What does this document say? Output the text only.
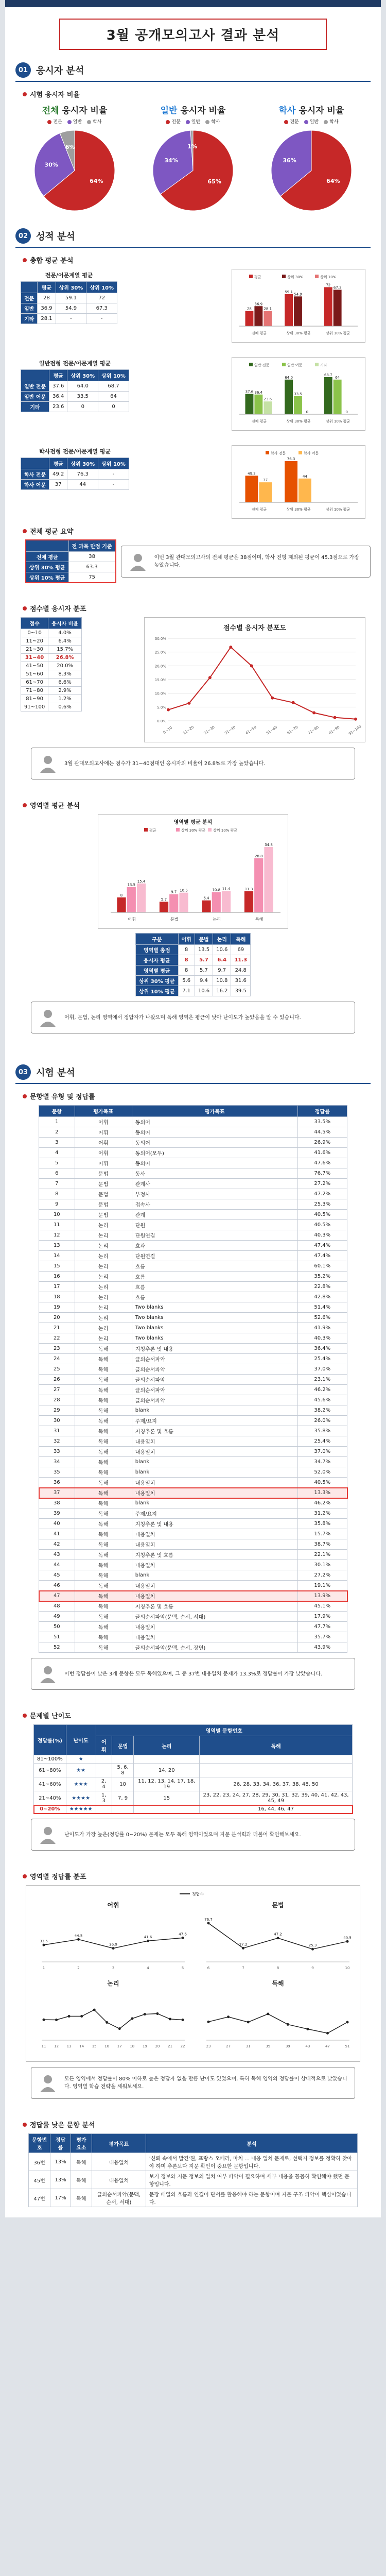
3월 공개모의고사 결과 분석
01 응시자 분석
시험 응시자 비율
전체 응시자 비율
전문	일반	학사
64%
30%
6%
일반 응시자 비율
전문	일반	학사
65%
34%
1%
학사 응시자 비율
전문	일반	학사
64%
36%
02 성적 분석
총합 평균 분석
전문/어문계열 평균
	평균	상위 30%	상위 10%
전문	28	59.1	72
일반	36.9	54.9	67.3
기타	28.1	-	-
평균	상위 30%	상위 10%
28
36.9
28.1
전체 평균
59.1
54.9
상위 30% 평균
72
67.3
상위 10% 평균
일반전형 전문/어문계열 평균
	평균	상위 30%	상위 10%
일반 전문	37.6	64.0	68.7
일반 어문	36.4	33.5	64
기타	23.6	0	0
일반 전문	일반 어문	기타
37.6 36.4
23.6
전체 평균
64.0
33.5
0
상위 30% 평균
68.7
64
0
상위 10% 평균
학사전형 전문/어문계열 평균
	평균	상위 30%	상위 10%
학사 전문	49.2	76.3	-
학사 어문	37	44	-
학사 전문	학사 어문
49.2
37
전체 평균
76.3
44
상위 30% 평균	상위 10% 평균
전체 평균 요약
	전 과목 만점 기준
전체 평균	38
상위 30% 평균	63.3
상위 10% 평균	75
이번 3월 관대모의고사의 전체 평균은 38점이며, 학사 전형 제외된 평균이 45.3점으로 가장 높았습니다.
점수별 응시자 분포
점수	응시자 비율
0~10	4.0%
11~20	6.4%
21~30	15.7%
31~40	26.8%
41~50	20.0%
51~60	8.3%
61~70	6.6%
71~80	2.9%
81~90	1.2%
91~100	0.6%
점수별 응시자 분포도
0.0%
5.0%
10.0%
15.0%
20.0%
25.0%
30.0%
0~10	11~20 21~30 31~40 41~50 51~60 61~70 71~80 81~90 91~100
3월 관대모의고사에는 점수가 31~40점대인 응시자의 비율이 26.8%로 가장 높았습니다.
영역별 평균 분석
영역별 평균 분석
평균	상위 30% 평균 상위 10% 평균
8
13.5
15.4
어휘
5.7
9.7 10.5
문법
6.4
10.8 11.4
논리
11.3
28.8
34.8
독해
구분	어휘	문법	논리	독해
영역별 총점	8	13.5	10.6	69
응시자 평균	8	5.7	6.4	11.3
영역별 평균	8	5.7	9.7	24.8
상위 30% 평균	5.6	9.4	10.8	31.6
상위 10% 평균	7.1	10.6	16.2	39.5
어휘, 문법, 논리 영역에서 정답자가 나왔으며 독해 영역은 평균이 낮아 난이도가 높았음을 알 수 있습니다.
03 시험 분석
문항별 유형 및 정답률
문항	평가목표	평가목표	정답률
1	어휘	동의어	33.5%
2	어휘	동의어	44.5%
3	어휘	동의어	26.9%
4	어휘	동의어(모두)	41.6%
5	어휘	동의어	47.6%
6	문법	동사	76.7%
7	문법	관계사	27.2%
8	문법	부정사	47.2%
9	문법	접속사	25.3%
10	문법	관계	40.5%
11	논리	단원	40.5%
12	논리	단원연결	40.3%
13	논리	효과	47.4%
14	논리	단원연결	47.4%
15	논리	흐름	60.1%
16	논리	흐름	35.2%
17	논리	흐름	22.8%
18	논리	흐름	42.8%
19	논리	Two blanks	51.4%
20	논리	Two blanks	52.6%
21	논리	Two blanks	41.9%
22	논리	Two blanks	40.3%
23	독해	지칭추론 및 내용	36.4%
24	독해	글의순서파악	25.4%
25	독해	글의순서파악	37.0%
26	독해	글의순서파악	23.1%
27	독해	글의순서파악	46.2%
28	독해	글의순서파악	45.6%
29	독해	blank	38.2%
30	독해	주제/요지	26.0%
31	독해	지칭추론 및 흐름	35.8%
32	독해	내용일치	25.4%
33	독해	내용일치	37.0%
34	독해	blank	34.7%
35	독해	blank	52.0%
36	독해	내용일치	40.5%
37	독해	내용일치	13.3%
38	독해	blank	46.2%
39	독해	주제/요지	31.2%
40	독해	지칭추론 및 내용	35.8%
41	독해	내용일치	15.7%
42	독해	내용일치	38.7%
43	독해	지칭추론 및 흐름	22.1%
44	독해	내용일치	30.1%
45	독해	blank	27.2%
46	독해	내용일치	19.1%
47	독해	내용일치	13.9%
48	독해	지칭추론 및 흐름	45.1%
49	독해	글의순서파악(문맥, 순서, 서대)	17.9%
50	독해	내용일치	47.7%
51	독해	내용일치	35.7%
52	독해	글의순서파악(문맥, 순서, 장면)	43.9%
이번 정답률이 낮은 3개 문항은 모두 독해였으며, 그 중 37번 내용일치 문제가 13.3%로 정답률이 가장 낮았습니다.
문제별 난이도
정답률(%)	난이도	영역별 문항번호			
		어휘	문법	논리	독해
81~100%	★				
61~80%	★★		5, 6, 8	14, 20	
41~60%	★★★	2, 4	10	11, 12, 13, 14, 17, 18, 19	26, 28, 33, 34, 36, 37, 38, 48, 50
21~40%	★★★★	1, 3	7, 9	15	23, 22, 23, 24, 27, 28, 29, 30, 31, 32, 39, 40, 41, 42, 43, 45, 49
0~20%	★★★★★				16, 44, 46, 47
난이도가 가장 높은(정답률 0~20%) 문제는 모두 독해 영역이었으며 지문 분석력과 더불어 확인해보세요.
영역별 정답률 분포
정답수
어휘
33.5
1
44.5
2
26.9
3
41.6
4
47.6
5
문법
76.7
6
27.2
7
47.2
8
25.3
9
40.5
10
논리
11 12 13 14 15 16 17 18 19 20 21 22
독해
23	27	31	35	39	43	47	51
모든 영역에서 정답률이 80% 이하로 높은 정답자 없을 만큼 난이도 있었으며, 특히 독해 영역의 정답률이 상대적으로 낮았습니다. 영역별 학습 전략을 세워보세요.
정답률 낮은 문항 분석
문항번호	정답률	평가요소	평가목표	분석
36번	13%	독해	내용일치	'신뢰 속에서 발견'된, 프랑스 오페라, 마치 ... 내용 일치 문제로, 선택지 정보를 정확히 찾아야 하며 추론보다 지문 확인이 중요한 문항입니다.
45번	13%	독해	내용일치	보기 정보와 지문 정보의 일치 여부 파악이 필요하며 세부 내용을 꼼꼼히 확인해야 했던 문항입니다.
47번	17%	독해	글의순서파악(문맥, 순서, 서대)	문장 배열의 흐름과 연결어 단서를 활용해야 하는 문항이며 지문 구조 파악이 핵심이었습니다.
